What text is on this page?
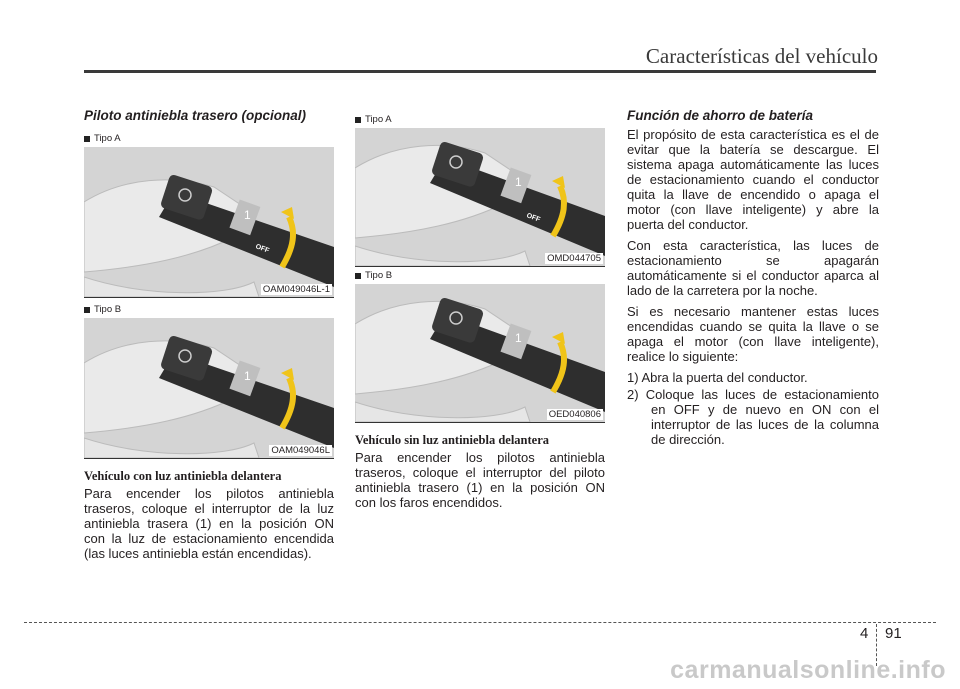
Características del vehículo
Piloto antiniebla trasero (opcional)
Tipo A
1
OFF
OAM049046L-1
Tipo B
1
OAM049046L
Vehículo con luz antiniebla delantera

Para encender los pilotos antiniebla traseros, coloque el interruptor de la luz antiniebla trasera (1) en la posición ON con la luz de estacionamiento encendida (las luces antiniebla están encendidas).

Tipo A
1
OFF
OMD044705
Tipo B
1
OED040806
Vehículo sin luz antiniebla delantera

Para encender los pilotos antiniebla traseros, coloque el interruptor del piloto antiniebla trasero (1) en la posición ON con los faros encendidos.

Función de ahorro de batería

El propósito de esta característica es el de evitar que la batería se descargue. El sistema apaga automáticamente las luces de estacionamiento cuando el conductor quita la llave de encendido o apaga el motor (con llave inteligente) y abre la puerta del conductor.

Con esta característica, las luces de estacionamiento se apagarán automáticamente si el conductor aparca al lado de la carretera por la noche.

Si es necesario mantener estas luces encendidas cuando se quita la llave o se apaga el motor (con llave inteligente), realice lo siguiente:

1) Abra la puerta del conductor.
2) Coloque las luces de estacionamiento en OFF y de nuevo en ON con el interruptor de las luces de la columna de dirección.
4 91
carmanualsonline.info
